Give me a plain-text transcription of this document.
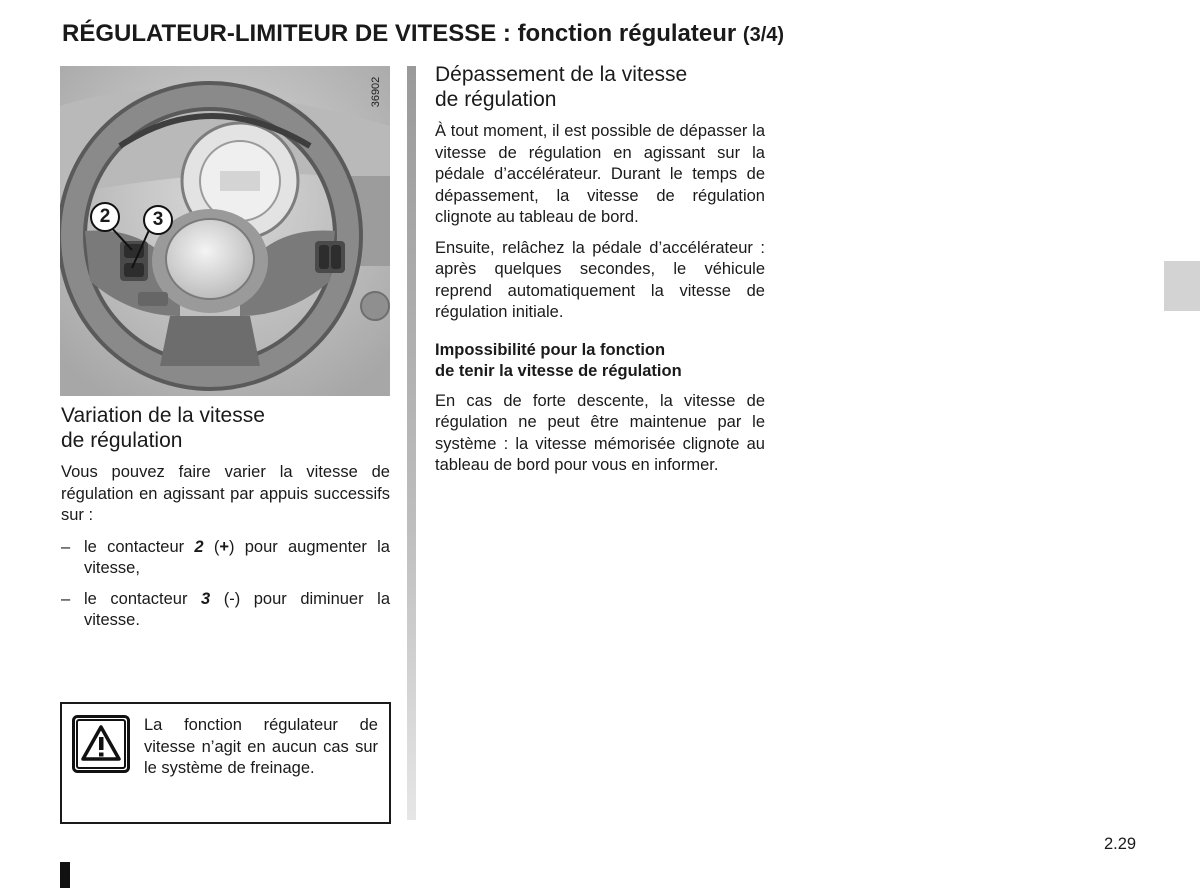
RÉGULATEUR-LIMITEUR DE VITESSE : fonction régulateur (3/4)
2	3
36902
Variation de la vitesse
de régulation

Vous pouvez faire varier la vitesse de régulation en agissant par appuis successifs sur :

– le contacteur 2 (+) pour augmenter la vitesse,
– le contacteur 3 (-) pour diminuer la vitesse.
La fonction régulateur de vitesse n’agit en aucun cas sur le système de freinage.
Dépassement de la vitesse
de régulation

À tout moment, il est possible de dépasser la vitesse de régulation en agissant sur la pédale d’accélérateur. Durant le temps de dépassement, la vitesse de régulation clignote au tableau de bord.

Ensuite, relâchez la pédale d’accélérateur : après quelques secondes, le véhicule reprend automatiquement la vitesse de régulation initiale.

Impossibilité pour la fonction
de tenir la vitesse de régulation

En cas de forte descente, la vitesse de régulation ne peut être maintenue par le système : la vitesse mémorisée clignote au tableau de bord pour vous en informer.

2.29
